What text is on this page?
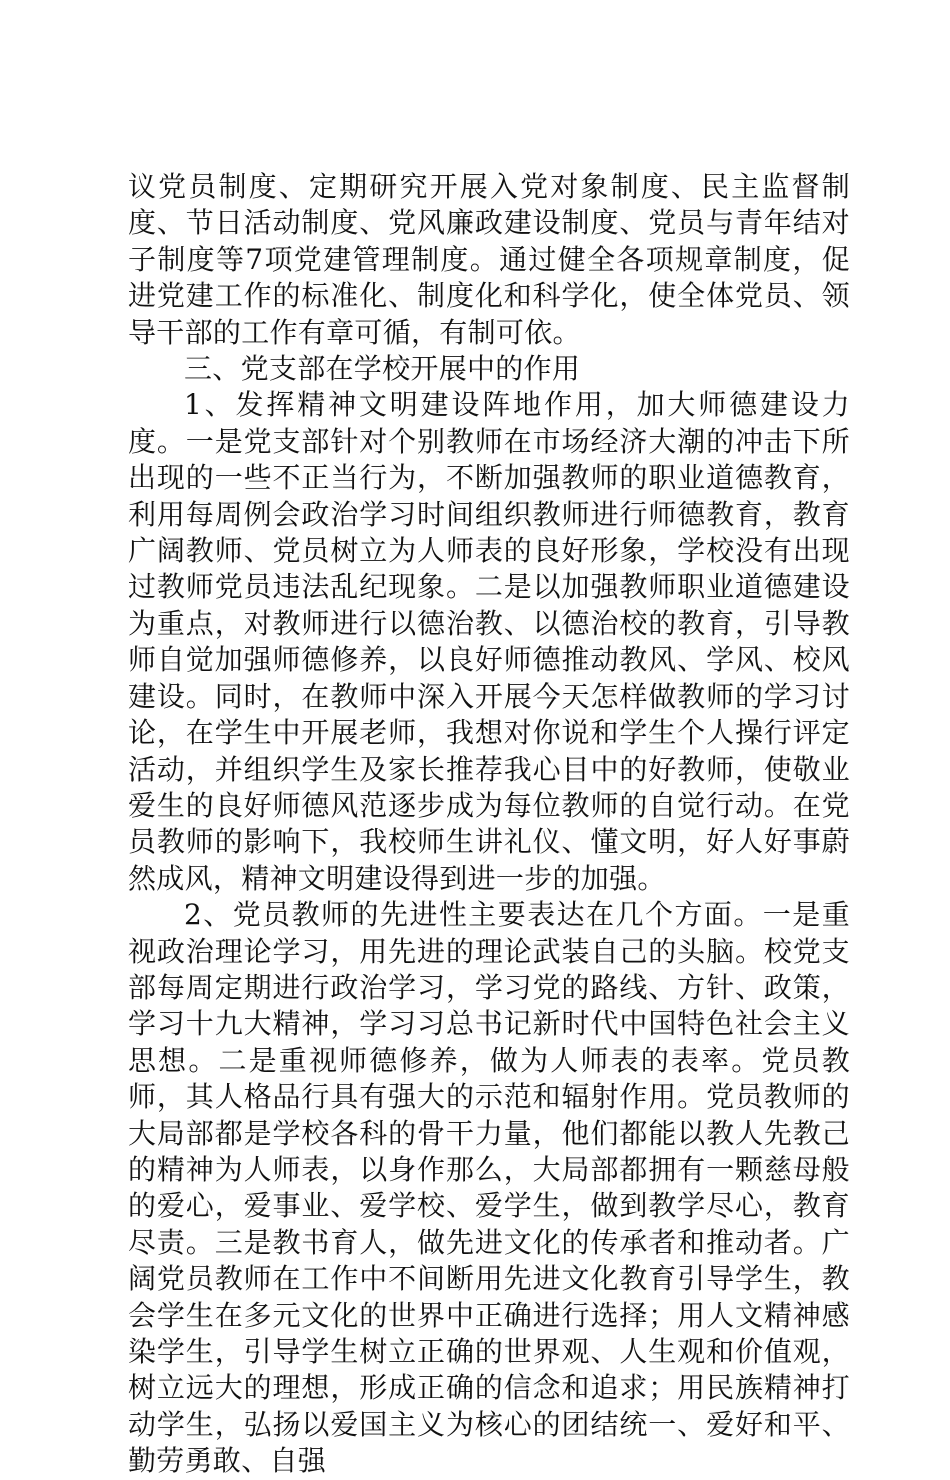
议党员制度、定期研究开展入党对象制度、民主监督制度、节日活动制度、党风廉政建设制度、党员与青年结对子制度等7项党建管理制度。通过健全各项规章制度，促进党建工作的标准化、制度化和科学化，使全体党员、领导干部的工作有章可循，有制可依。

三、党支部在学校开展中的作用

1、发挥精神文明建设阵地作用，加大师德建设力度。一是党支部针对个别教师在市场经济大潮的冲击下所出现的一些不正当行为，不断加强教师的职业道德教育，利用每周例会政治学习时间组织教师进行师德教育，教育广阔教师、党员树立为人师表的良好形象，学校没有出现过教师党员违法乱纪现象。二是以加强教师职业道德建设为重点，对教师进行以德治教、以德治校的教育，引导教师自觉加强师德修养，以良好师德推动教风、学风、校风建设。同时，在教师中深入开展今天怎样做教师的学习讨论，在学生中开展老师，我想对你说和学生个人操行评定活动，并组织学生及家长推荐我心目中的好教师，使敬业爱生的良好师德风范逐步成为每位教师的自觉行动。在党员教师的影响下，我校师生讲礼仪、懂文明，好人好事蔚然成风，精神文明建设得到进一步的加强。

2、党员教师的先进性主要表达在几个方面。一是重视政治理论学习，用先进的理论武装自己的头脑。校党支部每周定期进行政治学习，学习党的路线、方针、政策，学习十九大精神，学习习总书记新时代中国特色社会主义思想。二是重视师德修养，做为人师表的表率。党员教师，其人格品行具有强大的示范和辐射作用。党员教师的大局部都是学校各科的骨干力量，他们都能以教人先教己的精神为人师表，以身作那么，大局部都拥有一颗慈母般的爱心，爱事业、爱学校、爱学生，做到教学尽心，教育尽责。三是教书育人，做先进文化的传承者和推动者。广阔党员教师在工作中不间断用先进文化教育引导学生，教会学生在多元文化的世界中正确进行选择；用人文精神感染学生，引导学生树立正确的世界观、人生观和价值观，树立远大的理想，形成正确的信念和追求；用民族精神打动学生，弘扬以爱国主义为核心的团结统一、爱好和平、勤劳勇敢、自强
